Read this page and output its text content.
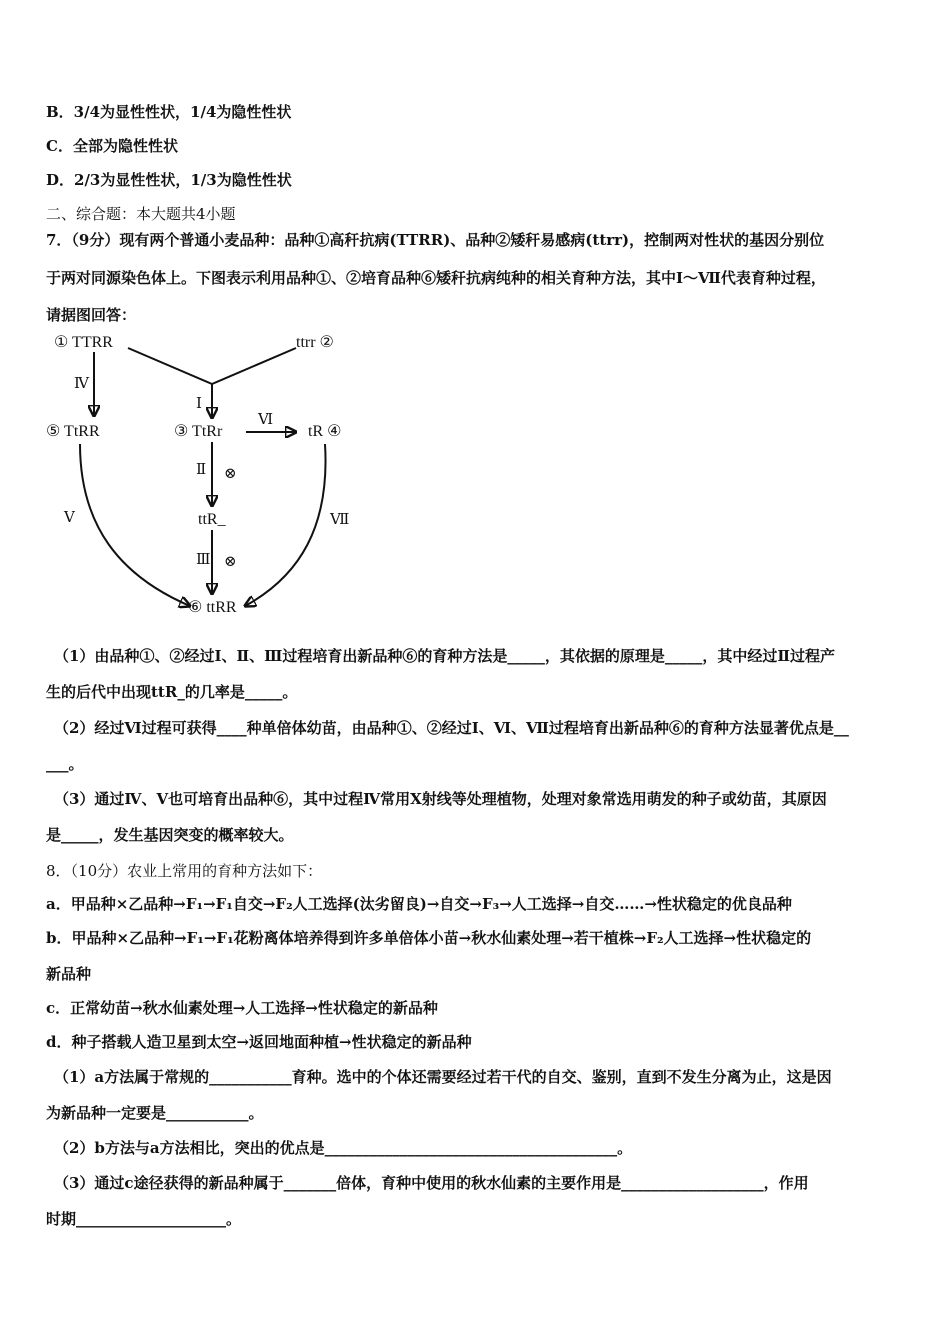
B．3/4为显性性状，1/4为隐性性状
C．全部为隐性性状
D．2/3为显性性状，1/3为隐性性状
二、综合题：本大题共4小题
7．（9分）现有两个普通小麦品种：品种①高秆抗病(TTRR)、品种②矮秆易感病(ttrr)，控制两对性状的基因分别位
于两对同源染色体上。下图表示利用品种①、②培育品种⑥矮秆抗病纯种的相关育种方法，其中Ⅰ～Ⅶ代表育种过程，
请据图回答：
① TTRR	ttrr ②
⑤ TtRR	③ TtRr	tR ④
ttR_
⑥ ttRR
Ⅰ
Ⅳ
Ⅵ
Ⅱ ⊗
Ⅲ ⊗
Ⅴ	Ⅶ
（1）由品种①、②经过Ⅰ、Ⅱ、Ⅲ过程培育出新品种⑥的育种方法是_____，其依据的原理是_____，其中经过Ⅱ过程产
生的后代中出现ttR_的几率是_____。
（2）经过Ⅵ过程可获得____种单倍体幼苗，由品种①、②经过Ⅰ、Ⅵ、Ⅶ过程培育出新品种⑥的育种方法显著优点是__
___。
（3）通过Ⅳ、Ⅴ也可培育出品种⑥，其中过程Ⅳ常用X射线等处理植物，处理对象常选用萌发的种子或幼苗，其原因
是_____，发生基因突变的概率较大。
8．（10分）农业上常用的育种方法如下：
a．甲品种×乙品种→F₁→F₁自交→F₂人工选择(汰劣留良)→自交→F₃→人工选择→自交……→性状稳定的优良品种
b．甲品种×乙品种→F₁→F₁花粉离体培养得到许多单倍体小苗→秋水仙素处理→若干植株→F₂人工选择→性状稳定的
新品种
c．正常幼苗→秋水仙素处理→人工选择→性状稳定的新品种
d．种子搭载人造卫星到太空→返回地面种植→性状稳定的新品种
（1）a方法属于常规的___________育种。选中的个体还需要经过若干代的自交、鉴别，直到不发生分离为止，这是因
为新品种一定要是___________。
（2）b方法与a方法相比，突出的优点是_______________________________________。
（3）通过c途径获得的新品种属于_______倍体，育种中使用的秋水仙素的主要作用是___________________，作用
时期____________________。
